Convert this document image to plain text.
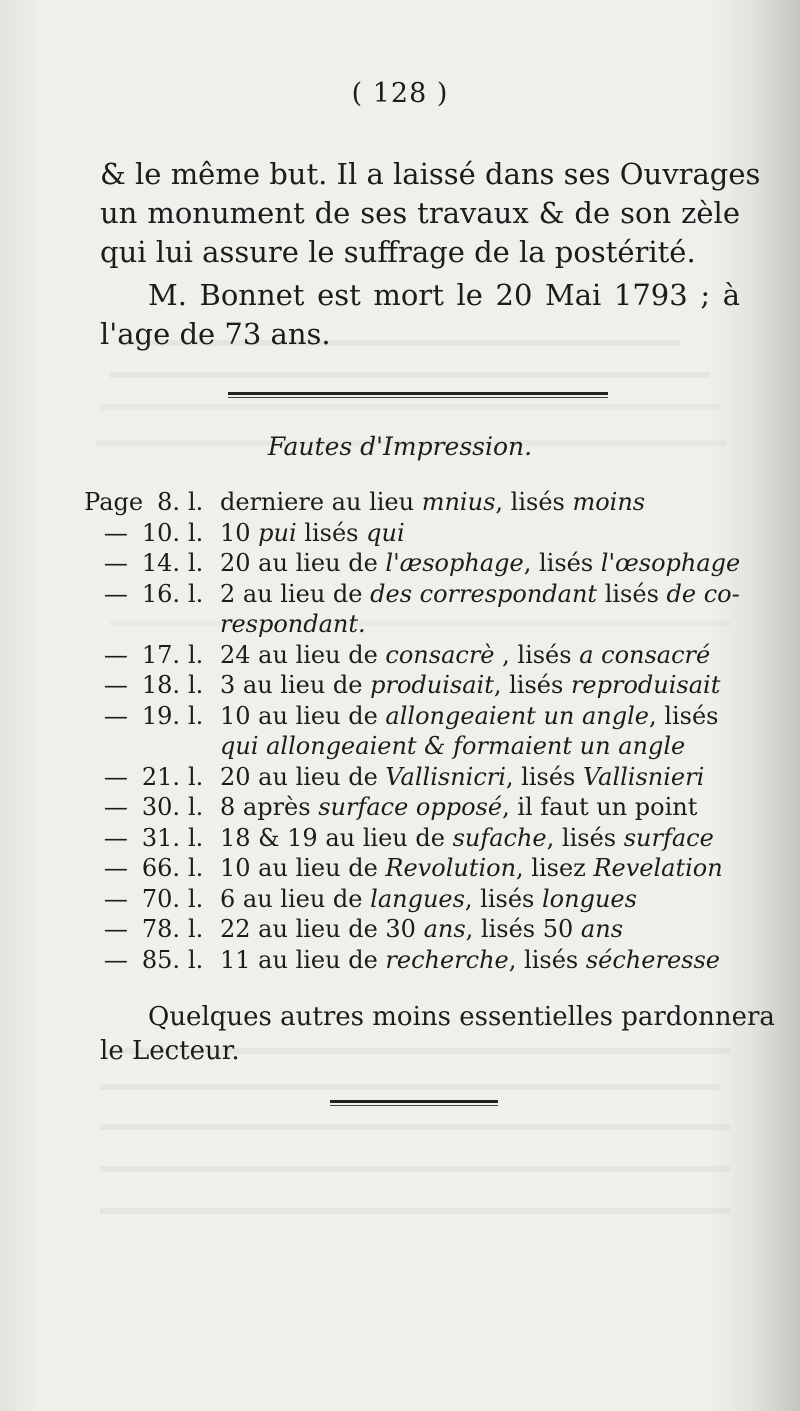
( 128 )
& le même but. Il a laissé dans ses Ouvrages
un monument de ses travaux & de son zèle
qui lui assure le suffrage de la postérité.
M. Bonnet est mort le 20 Mai 1793 ; à
l'age de 73 ans.
Fautes d'Impression.
Page 8. l. derniere au lieu mnius, lisés moins
— 10. l. 10 pui lisés qui
— 14. l. 20 au lieu de l'æsophage, lisés l'œsophage
— 16. l. 2 au lieu de des correspondant lisés de co-
respondant.
— 17. l. 24 au lieu de consacrè , lisés a consacré
— 18. l. 3 au lieu de produisait, lisés reproduisait
— 19. l. 10 au lieu de allongeaient un angle, lisés
qui allongeaient & formaient un angle
— 21. l. 20 au lieu de Vallisnicri, lisés Vallisnieri
— 30. l. 8 après surface opposé, il faut un point
— 31. l. 18 & 19 au lieu de sufache, lisés surface
— 66. l. 10 au lieu de Revolution, lisez Revelation
— 70. l. 6 au lieu de langues, lisés longues
— 78. l. 22 au lieu de 30 ans, lisés 50 ans
— 85. l. 11 au lieu de recherche, lisés sécheresse
Quelques autres moins essentielles pardonnera
le Lecteur.
